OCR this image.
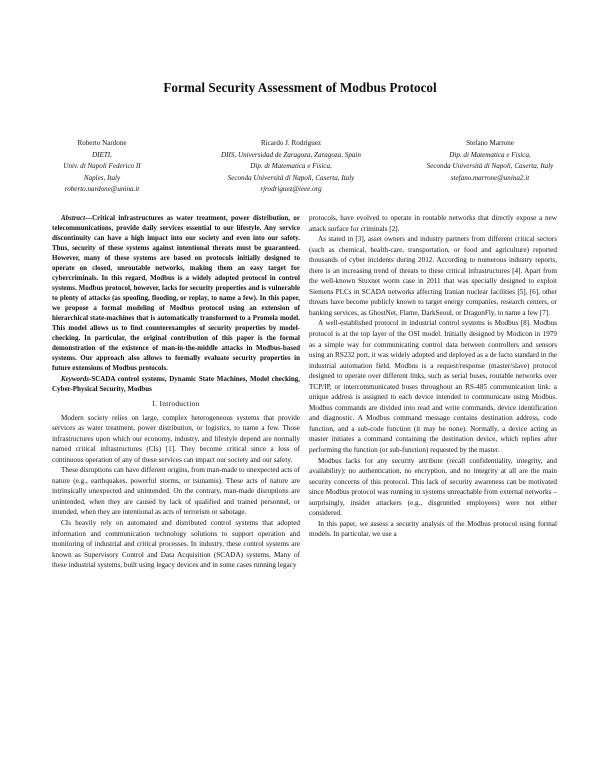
Formal Security Assessment of Modbus Protocol
Roberto Nardone
DIETI,
Univ. di Napoli Federico II
Naples, Italy
roberto.nardone@unina.it
Ricardo J. Rodríguez
DIIS, Universidad de Zaragoza, Zaragoza, Spain
Dip. di Matematica e Fisica,
Seconda Università di Napoli, Caserta, Italy
rjrodriguez@ieee.org
Stefano Marrone
Dip. di Matematica e Fisica,
Seconda Università di Napoli, Caserta, Italy
stefano.marrone@unina2.it

Abstract—Critical infrastructures as water treatment, power distribution, or telecommunications, provide daily services essential to our lifestyle. Any service discontinuity can have a high impact into our society and even into our safety. Thus, security of these systems against intentional threats must be guaranteed. However, many of these systems are based on protocols initially designed to operate on closed, unroutable networks, making them an easy target for cybercriminals. In this regard, Modbus is a widely adopted protocol in control systems. Modbus protocol, however, lacks for security properties and is vulnerable to plenty of attacks (as spoofing, flooding, or replay, to name a few). In this paper, we propose a formal modeling of Modbus protocol using an extension of hierarchical state-machines that is automatically transformed to a Promela model. This model allows us to find counterexamples of security properties by model-checking. In particular, the original contribution of this paper is the formal demonstration of the existence of man-in-the-middle attacks in Modbus-based systems. Our approach also allows to formally evaluate security properties in future extensions of Modbus protocols.

Keywords-SCADA control systems, Dynamic State Machines, Model checking, Cyber-Physical Security, Modbus

I. Introduction

Modern society relies on large, complex heterogeneous systems that provide services as water treatment, power distribution, or logistics, to name a few. Those infrastructures upon which our economy, industry, and lifestyle depend are normally named critical infrastructures (CIs) [1]. They become critical since a loss of continuous operation of any of these services can impact our society and our safety.

These disruptions can have different origins, from man-made to unexpected acts of nature (e.g., earthquakes, powerful storms, or tsunamis). These acts of nature are intrinsically unexpected and unintended. On the contrary, man-made disruptions are unintended, when they are caused by lack of qualified and trained personnel, or intended, when they are intentional as acts of terrorism or sabotage.

CIs heavily rely on automated and distributed control systems that adopted information and communication technology solutions to support operation and monitoring of industrial and critical processes. In industry, these control systems are known as Supervisory Control and Data Acquisition (SCADA) systems. Many of these industrial systems, built using legacy devices and in some cases running legacy

protocols, have evolved to operate in routable networks that directly expose a new attack surface for criminals [2].

As stated in [3], asset owners and industry partners from different critical sectors (such as chemical, health-care, transportation, or food and agriculture) reported thousands of cyber incidents during 2012. According to numerous industry reports, there is an increasing trend of threats to these critical infrastructures [4]. Apart from the well-known Stuxnet worm case in 2011 that was specially designed to exploit Siemens PLCs in SCADA networks affecting Iranian nuclear facilities [5], [6], other threats have become publicly known to target energy companies, research centers, or banking services, as GhostNet, Flame, DarkSeoul, or DragonFly, to name a few [7].

A well-established protocol in industrial control systems is Modbus [8]. Modbus protocol is at the top layer of the OSI model. Initially designed by Modicon in 1979 as a simple way for communicating control data between controllers and sensors using an RS232 port, it was widely adopted and deployed as a de facto standard in the industrial automation field. Modbus is a request/response (master/slave) protocol designed to operate over different links, such as serial buses, routable networks over TCP/IP, or intercommunicated buses throughout an RS-485 communication link: a unique address is assigned to each device intended to communicate using Modbus. Modbus commands are divided into read and write commands, device identification and diagnostic. A Modbus command message contains destination address, code function, and a sub-code function (it may be none). Normally, a device acting as master initiates a command containing the destination device, which replies after performing the function (or sub-function) requested by the master.

Modbus lacks for any security attribute (recall confidentiality, integrity, and availability): no authentication, no encryption, and no integrity at all are the main security concerns of this protocol. This lack of security awareness can be motivated since Modbus protocol was running in systems unreachable from external networks – surprisingly, insider attackers (e.g., disgruntled employees) were not either considered.

In this paper, we assess a security analysis of the Modbus protocol using formal models. In particular, we use a
